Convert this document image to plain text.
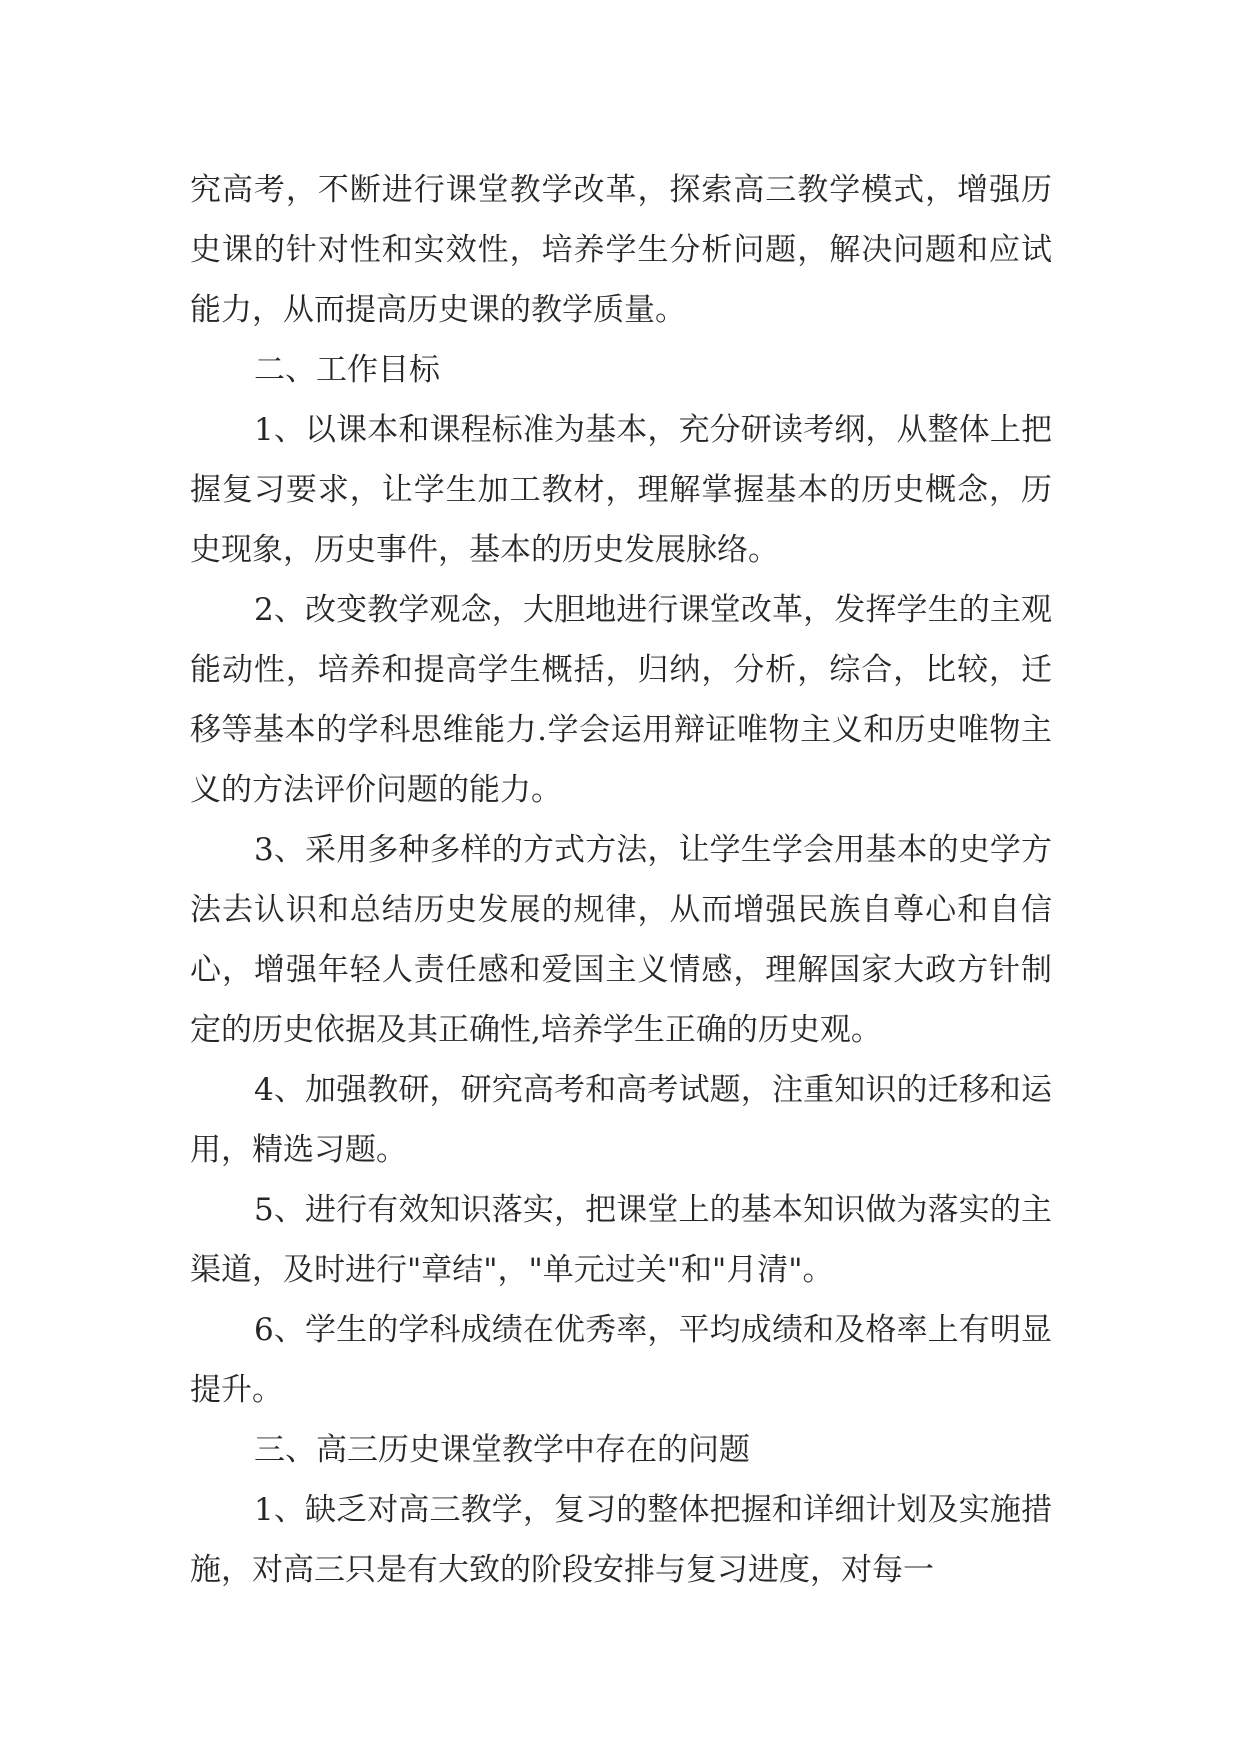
究高考，不断进行课堂教学改革，探索高三教学模式，增强历史课的针对性和实效性，培养学生分析问题，解决问题和应试能力，从而提高历史课的教学质量。

二、工作目标

1、以课本和课程标准为基本，充分研读考纲，从整体上把握复习要求，让学生加工教材，理解掌握基本的历史概念，历史现象，历史事件，基本的历史发展脉络。

2、改变教学观念，大胆地进行课堂改革，发挥学生的主观能动性，培养和提高学生概括，归纳，分析，综合，比较，迁移等基本的学科思维能力.学会运用辩证唯物主义和历史唯物主义的方法评价问题的能力。

3、采用多种多样的方式方法，让学生学会用基本的史学方法去认识和总结历史发展的规律，从而增强民族自尊心和自信心，增强年轻人责任感和爱国主义情感，理解国家大政方针制定的历史依据及其正确性,培养学生正确的历史观。

4、加强教研，研究高考和高考试题，注重知识的迁移和运用，精选习题。

5、进行有效知识落实，把课堂上的基本知识做为落实的主渠道，及时进行"章结"，"单元过关"和"月清"。

6、学生的学科成绩在优秀率，平均成绩和及格率上有明显提升。

三、高三历史课堂教学中存在的问题

1、缺乏对高三教学，复习的整体把握和详细计划及实施措施，对高三只是有大致的阶段安排与复习进度，对每一
